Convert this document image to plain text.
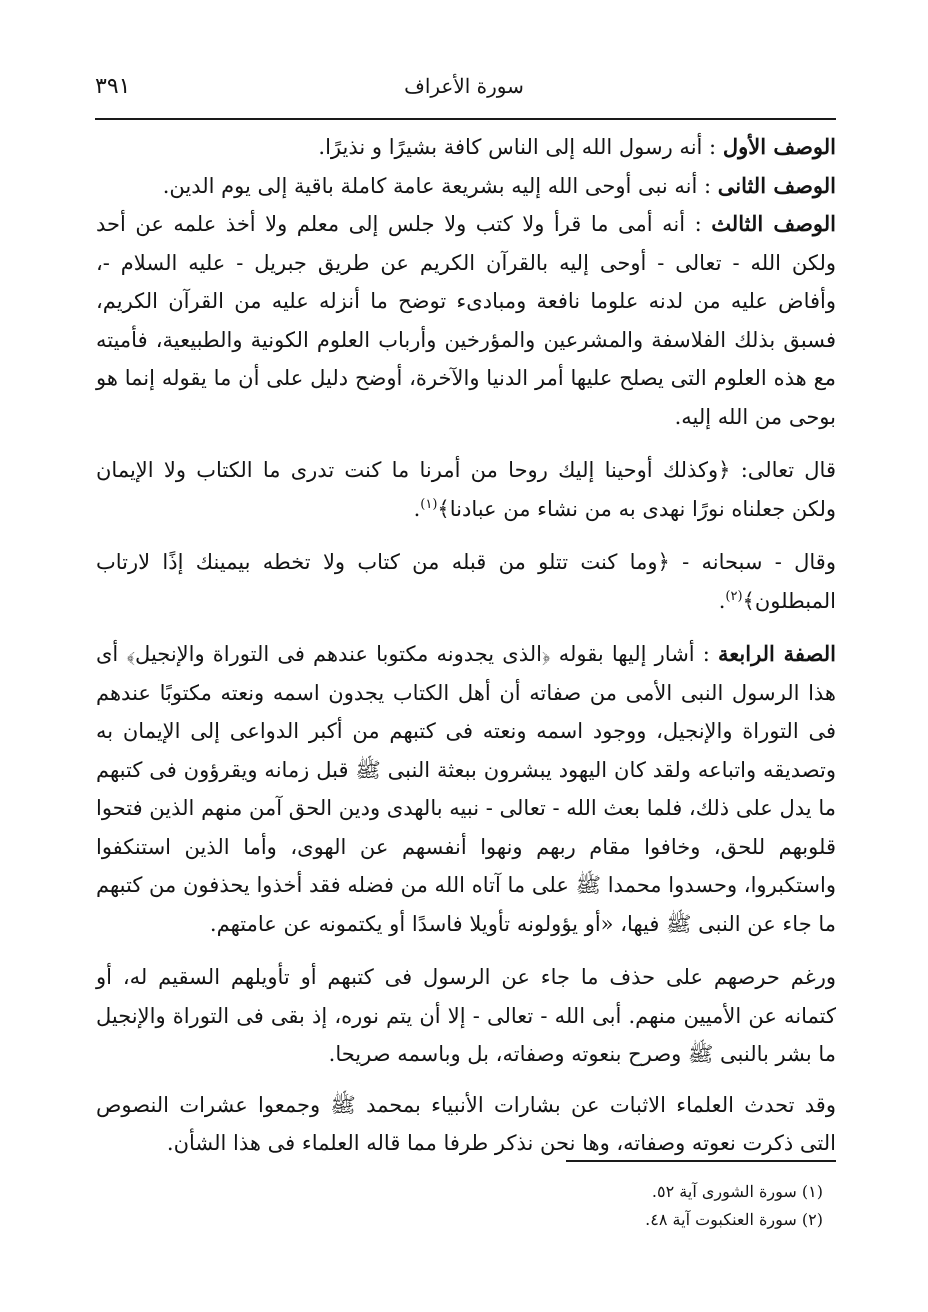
٣٩١	سورة الأعراف

الوصف الأول : أنه رسول الله إلى الناس كافة بشيرًا و نذيرًا.

الوصف الثانى : أنه نبى أوحى الله إليه بشريعة عامة كاملة باقية إلى يوم الدين.

الوصف الثالث : أنه أمى ما قرأ ولا كتب ولا جلس إلى معلم ولا أخذ علمه عن أحد ولكن الله - تعالى - أوحى إليه بالقرآن الكريم عن طريق جبريل - عليه السلام -، وأفاض عليه من لدنه علوما نافعة ومبادىء توضح ما أنزله عليه من القرآن الكريم، فسبق بذلك الفلاسفة والمشرعين والمؤرخين وأرباب العلوم الكونية والطبيعية، فأميته مع هذه العلوم التى يصلح عليها أمر الدنيا والآخرة، أوضح دليل على أن ما يقوله إنما هو بوحى من الله إليه.

قال تعالى: ﴿وكذلك أوحينا إليك روحا من أمرنا ما كنت تدرى ما الكتاب ولا الإيمان ولكن جعلناه نورًا نهدى به من نشاء من عبادنا﴾$^{(١)}$.

وقال - سبحانه - ﴿وما كنت تتلو من قبله من كتاب ولا تخطه بيمينك إذًا لارتاب المبطلون﴾$^{(٢)}$.

الصفة الرابعة : أشار إليها بقوله ﴿الذى يجدونه مكتوبا عندهم فى التوراة والإنجيل﴾ أى هذا الرسول النبى الأمى من صفاته أن أهل الكتاب يجدون اسمه ونعته مكتوبًا عندهم فى التوراة والإنجيل، ووجود اسمه ونعته فى كتبهم من أكبر الدواعى إلى الإيمان به وتصديقه واتباعه ولقد كان اليهود يبشرون ببعثة النبى ﷺ قبل زمانه ويقرؤون فى كتبهم ما يدل على ذلك، فلما بعث الله - تعالى - نبيه بالهدى ودين الحق آمن منهم الذين فتحوا قلوبهم للحق، وخافوا مقام ربهم ونهوا أنفسهم عن الهوى، وأما الذين استنكفوا واستكبروا، وحسدوا محمدا ﷺ على ما آتاه الله من فضله فقد أخذوا يحذفون من كتبهم ما جاء عن النبى ﷺ فيها، «أو يؤولونه تأويلا فاسدًا أو يكتمونه عن عامتهم.

ورغم حرصهم على حذف ما جاء عن الرسول فى كتبهم أو تأويلهم السقيم له، أو كتمانه عن الأميين منهم. أبى الله - تعالى - إلا أن يتم نوره، إذ بقى فى التوراة والإنجيل ما بشر بالنبى ﷺ وصرح بنعوته وصفاته، بل وباسمه صريحا.

وقد تحدث العلماء الاثبات عن بشارات الأنبياء بمحمد ﷺ وجمعوا عشرات النصوص التى ذكرت نعوته وصفاته، وها نحن نذكر طرفا مما قاله العلماء فى هذا الشأن.

(١) سورة الشورى آية ٥٢.
(٢) سورة العنكبوت آية ٤٨.
